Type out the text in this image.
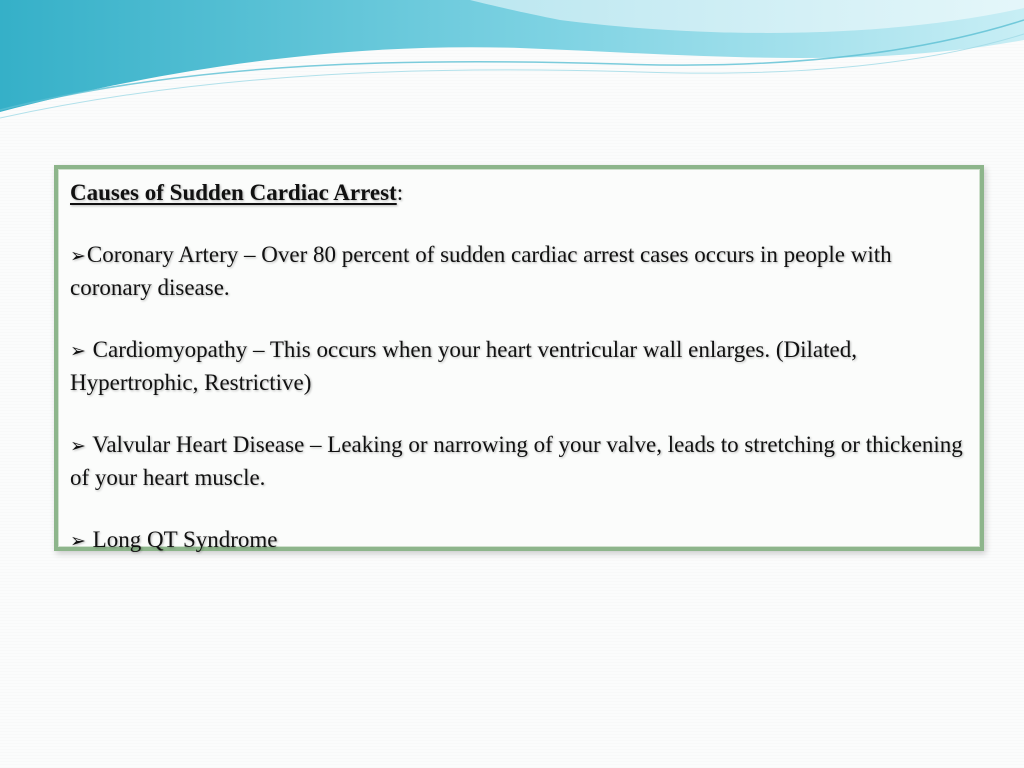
Causes of Sudden Cardiac Arrest:

➢Coronary Artery – Over 80 percent of sudden cardiac arrest cases occurs in people with coronary disease.

➢ Cardiomyopathy – This occurs when your heart ventricular wall enlarges. (Dilated, Hypertrophic, Restrictive)

➢ Valvular Heart Disease – Leaking or narrowing of your valve, leads to stretching or thickening of your heart muscle.

➢ Long QT Syndrome
